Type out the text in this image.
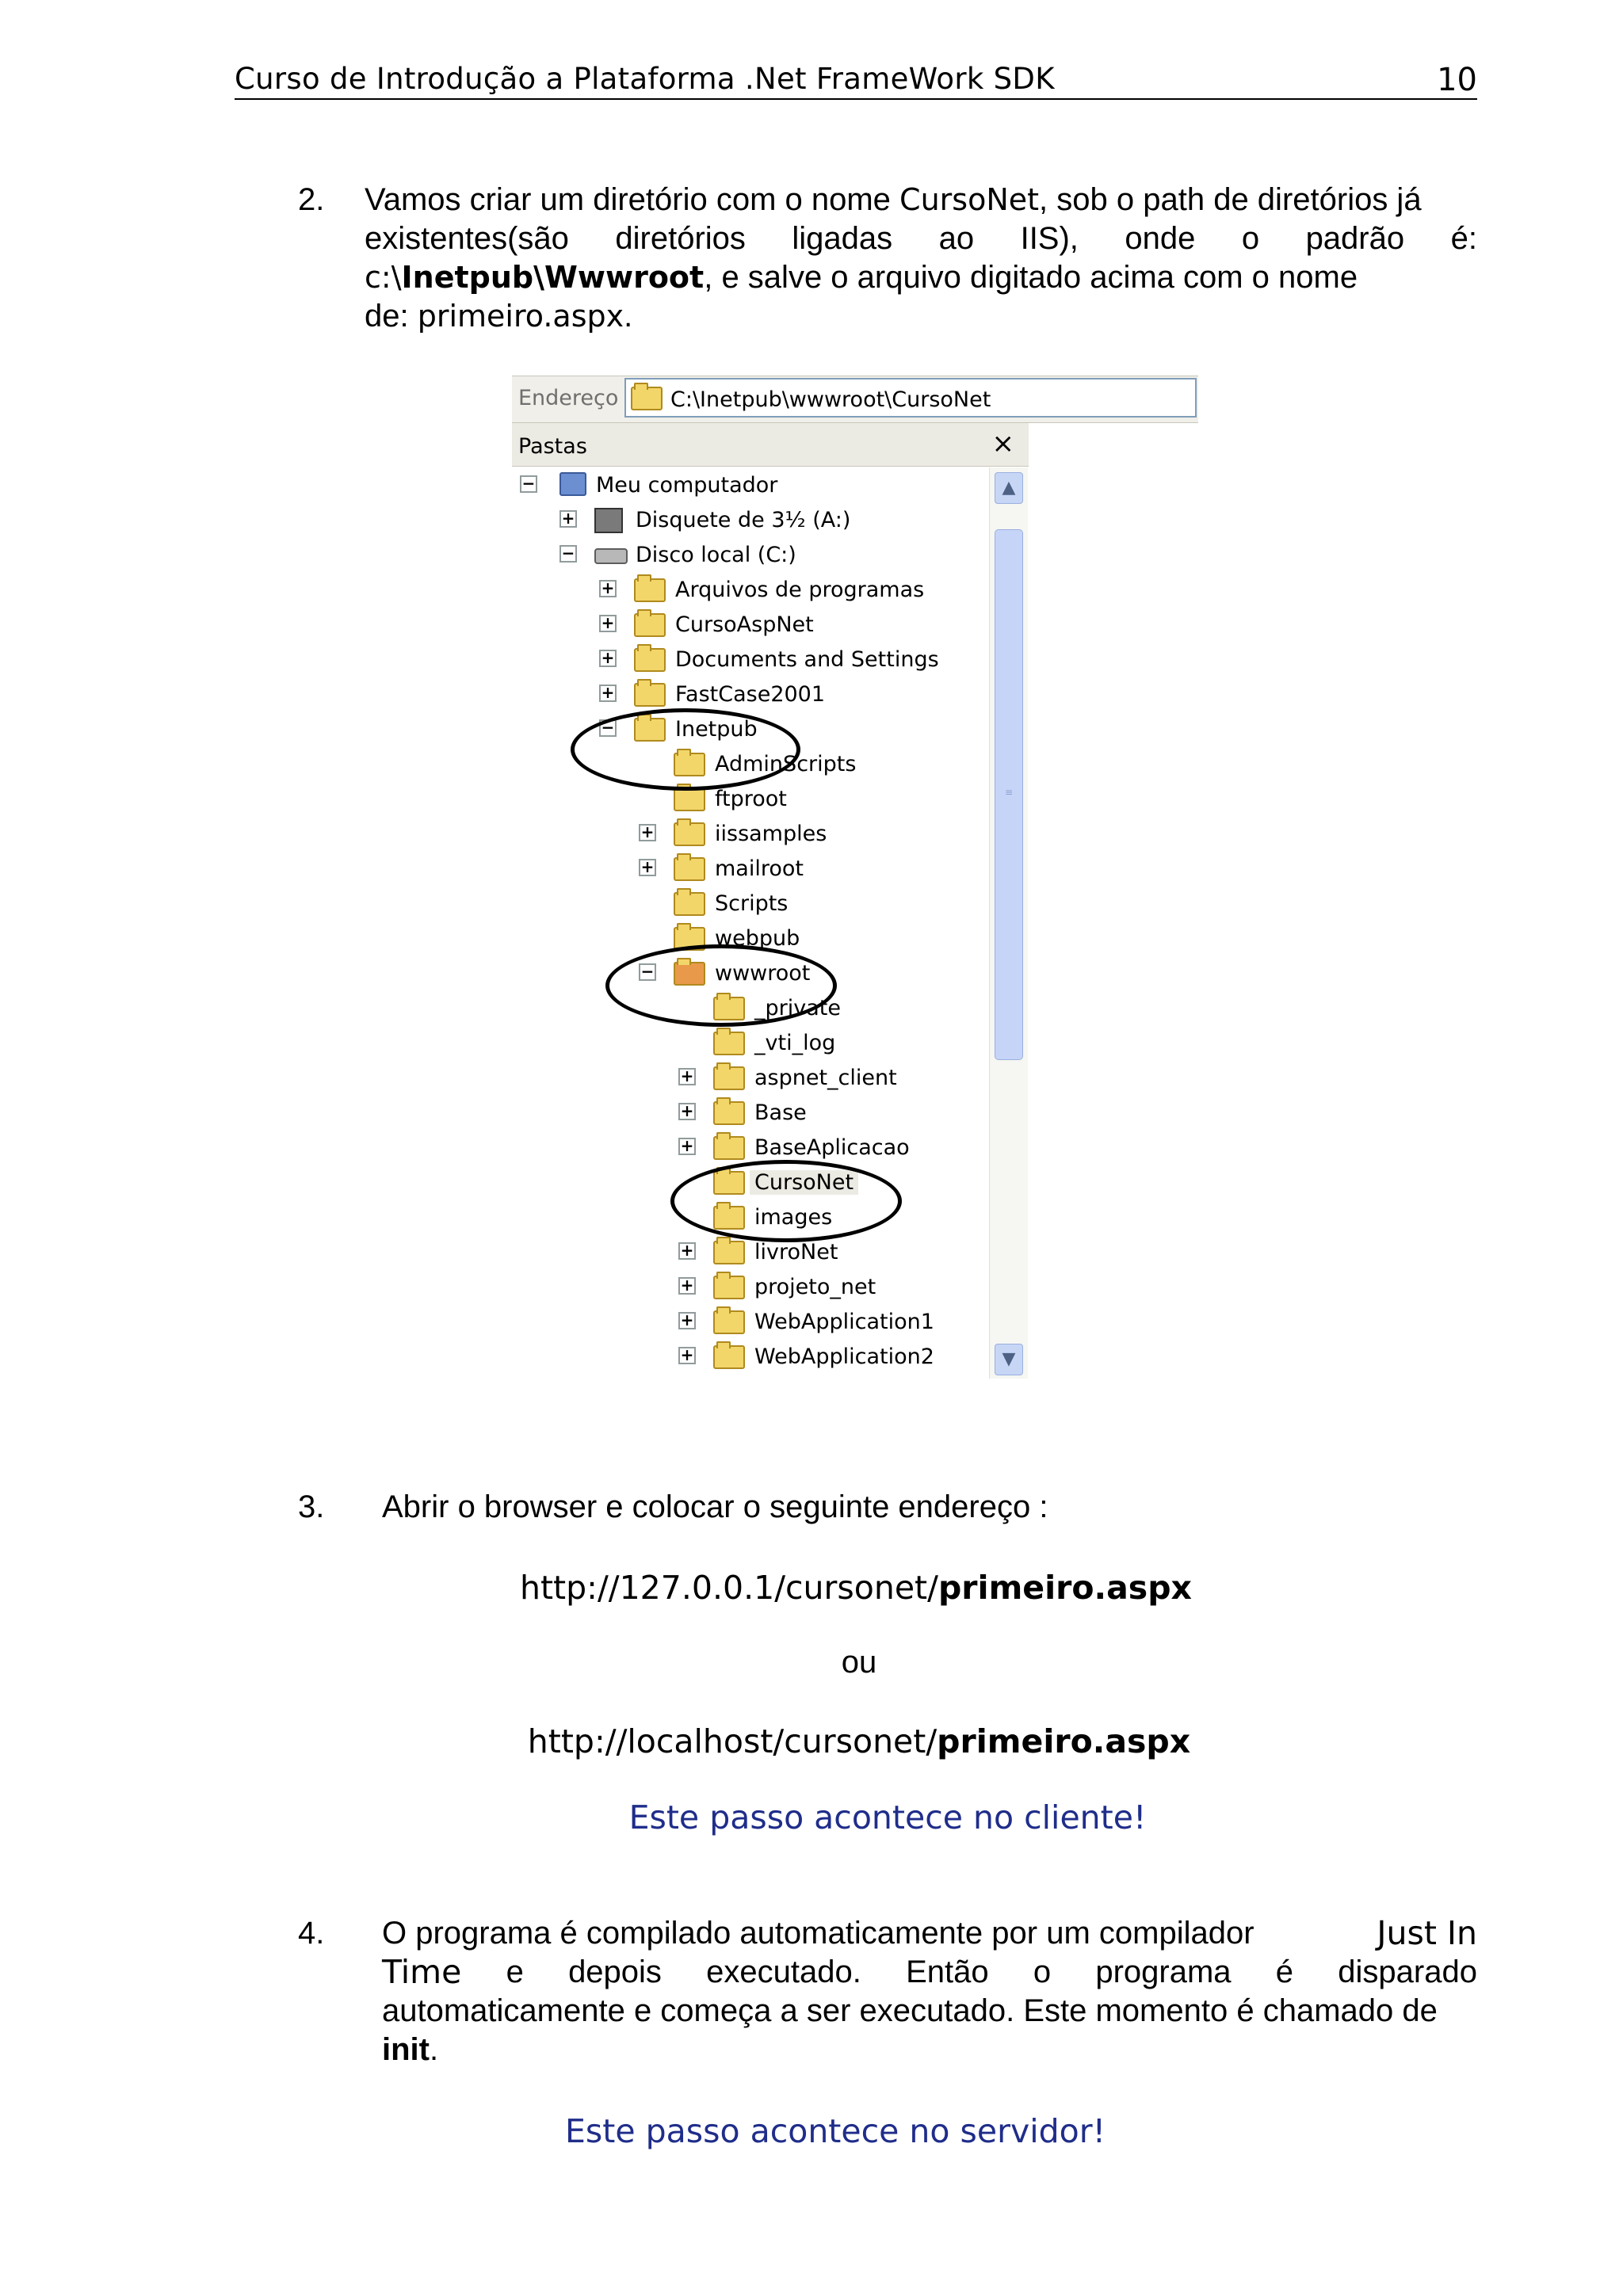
Curso de Introdução a Plataforma .Net FrameWork SDK	10
2. Vamos criar um diretório com o nome CursoNet , sob o path de diretórios já
existentes(são diretórios ligadas ao IIS), onde o padrão é:
c:\ Inetpub\Wwwroot , e salve o arquivo digitado acima com o nome
de: primeiro.aspx .
Endereço C:\Inetpub\wwwroot\CursoNet
Pastas	×
−	Meu computador
+	Disquete de 3½ (A:)
−	Disco local (C:)
+	Arquivos de programas
+	CursoAspNet
+	Documents and Settings
+	FastCase2001
−	Inetpub
AdminScripts
ftproot
+	iissamples
+	mailroot
Scripts
webpub
−	wwwroot
_private
_vti_log
+	aspnet_client
+	Base
+	BaseAplicacao
CursoNet
images
+	livroNet
+	projeto_net
+	WebApplication1
+	WebApplication2
▲
≡
▼
3. Abrir o browser e colocar o seguinte endereço :
http://127.0.0.1/cursonet/primeiro.aspx
ou
http://localhost/cursonet/primeiro.aspx
Este passo acontece no cliente!
4. O programa é compilado automaticamente por um compilador	Just In
Time e depois executado. Então o programa é disparado
automaticamente e começa a ser executado. Este momento é chamado de
init .
Este passo acontece no servidor!
